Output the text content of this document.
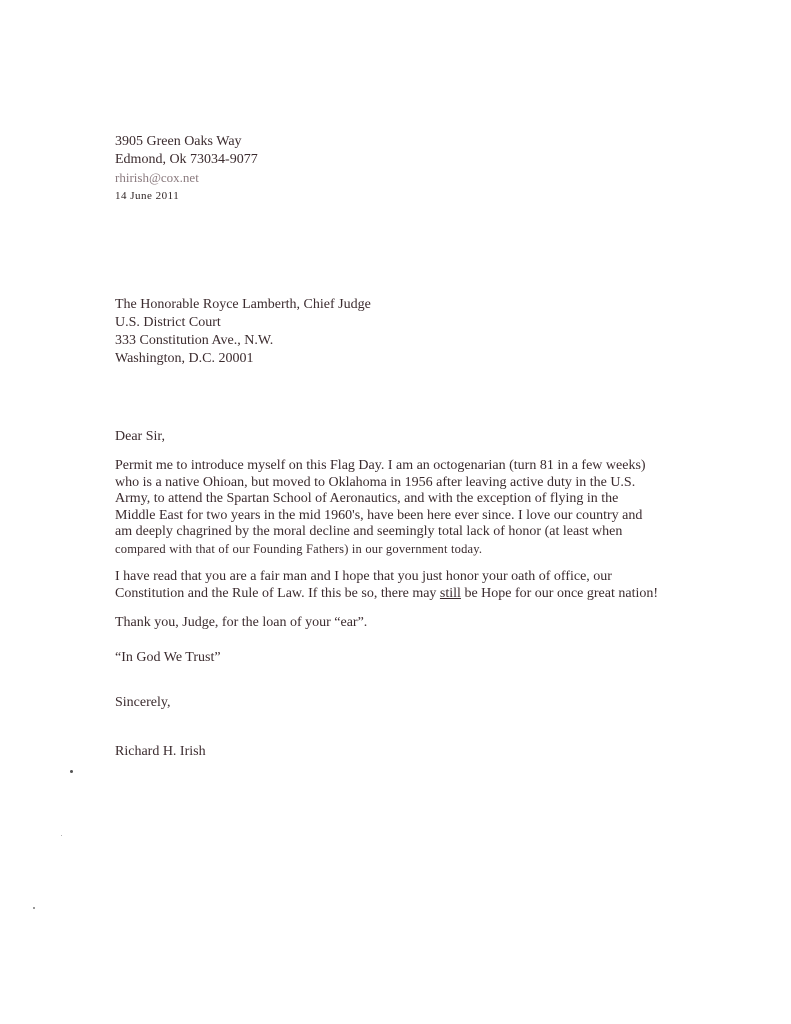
3905 Green Oaks Way
Edmond, Ok 73034-9077
rhirish@cox.net
14 June 2011
The Honorable Royce Lamberth, Chief Judge
U.S. District Court
333 Constitution Ave., N.W.
Washington, D.C. 20001
Dear Sir,
Permit me to introduce myself on this Flag Day. I am an octogenarian (turn 81 in a few weeks)
who is a native Ohioan, but moved to Oklahoma in 1956 after leaving active duty in the U.S.
Army, to attend the Spartan School of Aeronautics, and with the exception of flying in the
Middle East for two years in the mid 1960's, have been here ever since. I love our country and
am deeply chagrined by the moral decline and seemingly total lack of honor (at least when
compared with that of our Founding Fathers) in our government today.
I have read that you are a fair man and I hope that you just honor your oath of office, our
Constitution and the Rule of Law. If this be so, there may still be Hope for our once great nation!
Thank you, Judge, for the loan of your “ear”.
“In God We Trust”
Sincerely,
Richard H. Irish
